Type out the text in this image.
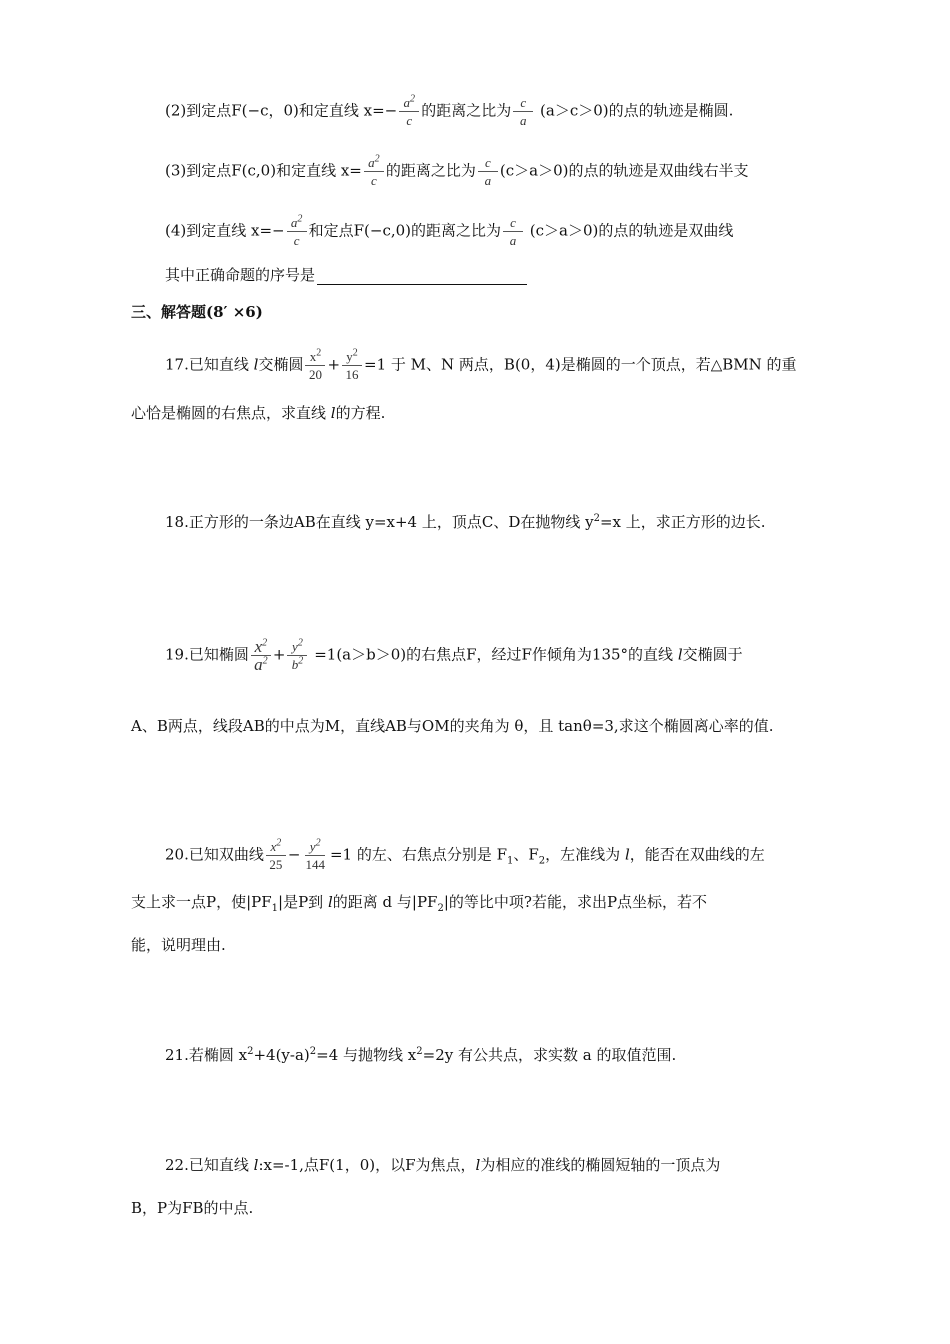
(2)到定点F(−c，0)和定直线 $x=- \frac{a^2}{c}$ 的距离之比为 $\frac{c}{a} (a>c>0)$的点的轨迹是椭圆.
(3)到定点F(c,0)和定直线 $x= \frac{a^2}{c}$ 的距离之比为 $\frac{c}{a} (c>a>0)$的点的轨迹是双曲线右半支
(4)到定直线 $x=- \frac{a^2}{c}$ 和定点F(−c,0)的距离之比为 $\frac{c}{a} (c>a>0)$的点的轨迹是双曲线
其中正确命题的序号是
三、解答题(8′ ×6)
17.已知直线 l交椭圆 $\frac{x^2}{20} + \frac{y^2}{16} =1$ 于 M、N 两点，B(0，4)是椭圆的一个顶点，若△BMN 的重
心恰是椭圆的右焦点，求直线 l的方程.
18.正方形的一条边AB在直线 y=x+4 上，顶点C、D在抛物线 $y^2=x$ 上，求正方形的边长.
19.已知椭圆 $\frac{x^2}{a^2} + \frac{y^2}{b^2} =1(a>b>0)$的右焦点F，经过F作倾角为135°的直线 l交椭圆于
A、B两点，线段AB的中点为M，直线AB与OM的夹角为 θ，且 tanθ=3,求这个椭圆离心率的值.
20.已知双曲线 $\frac{x^2}{25} - \frac{y^2}{144} =1$ 的左、右焦点分别是 $F_1$、$F_2$，左准线为 l，能否在双曲线的左
支上求一点P，使$|PF_1|$是P到 l的距离 d 与$|PF_2|$的等比中项?若能，求出P点坐标，若不
能，说明理由.
21.若椭圆 $x^2+4(y-a)^2=4$ 与抛物线 $x^2=2y$ 有公共点，求实数 a 的取值范围.
22.已知直线 l:x=-1,点F(1，0)，以F为焦点，l为相应的准线的椭圆短轴的一顶点为
B，P为FB的中点.
